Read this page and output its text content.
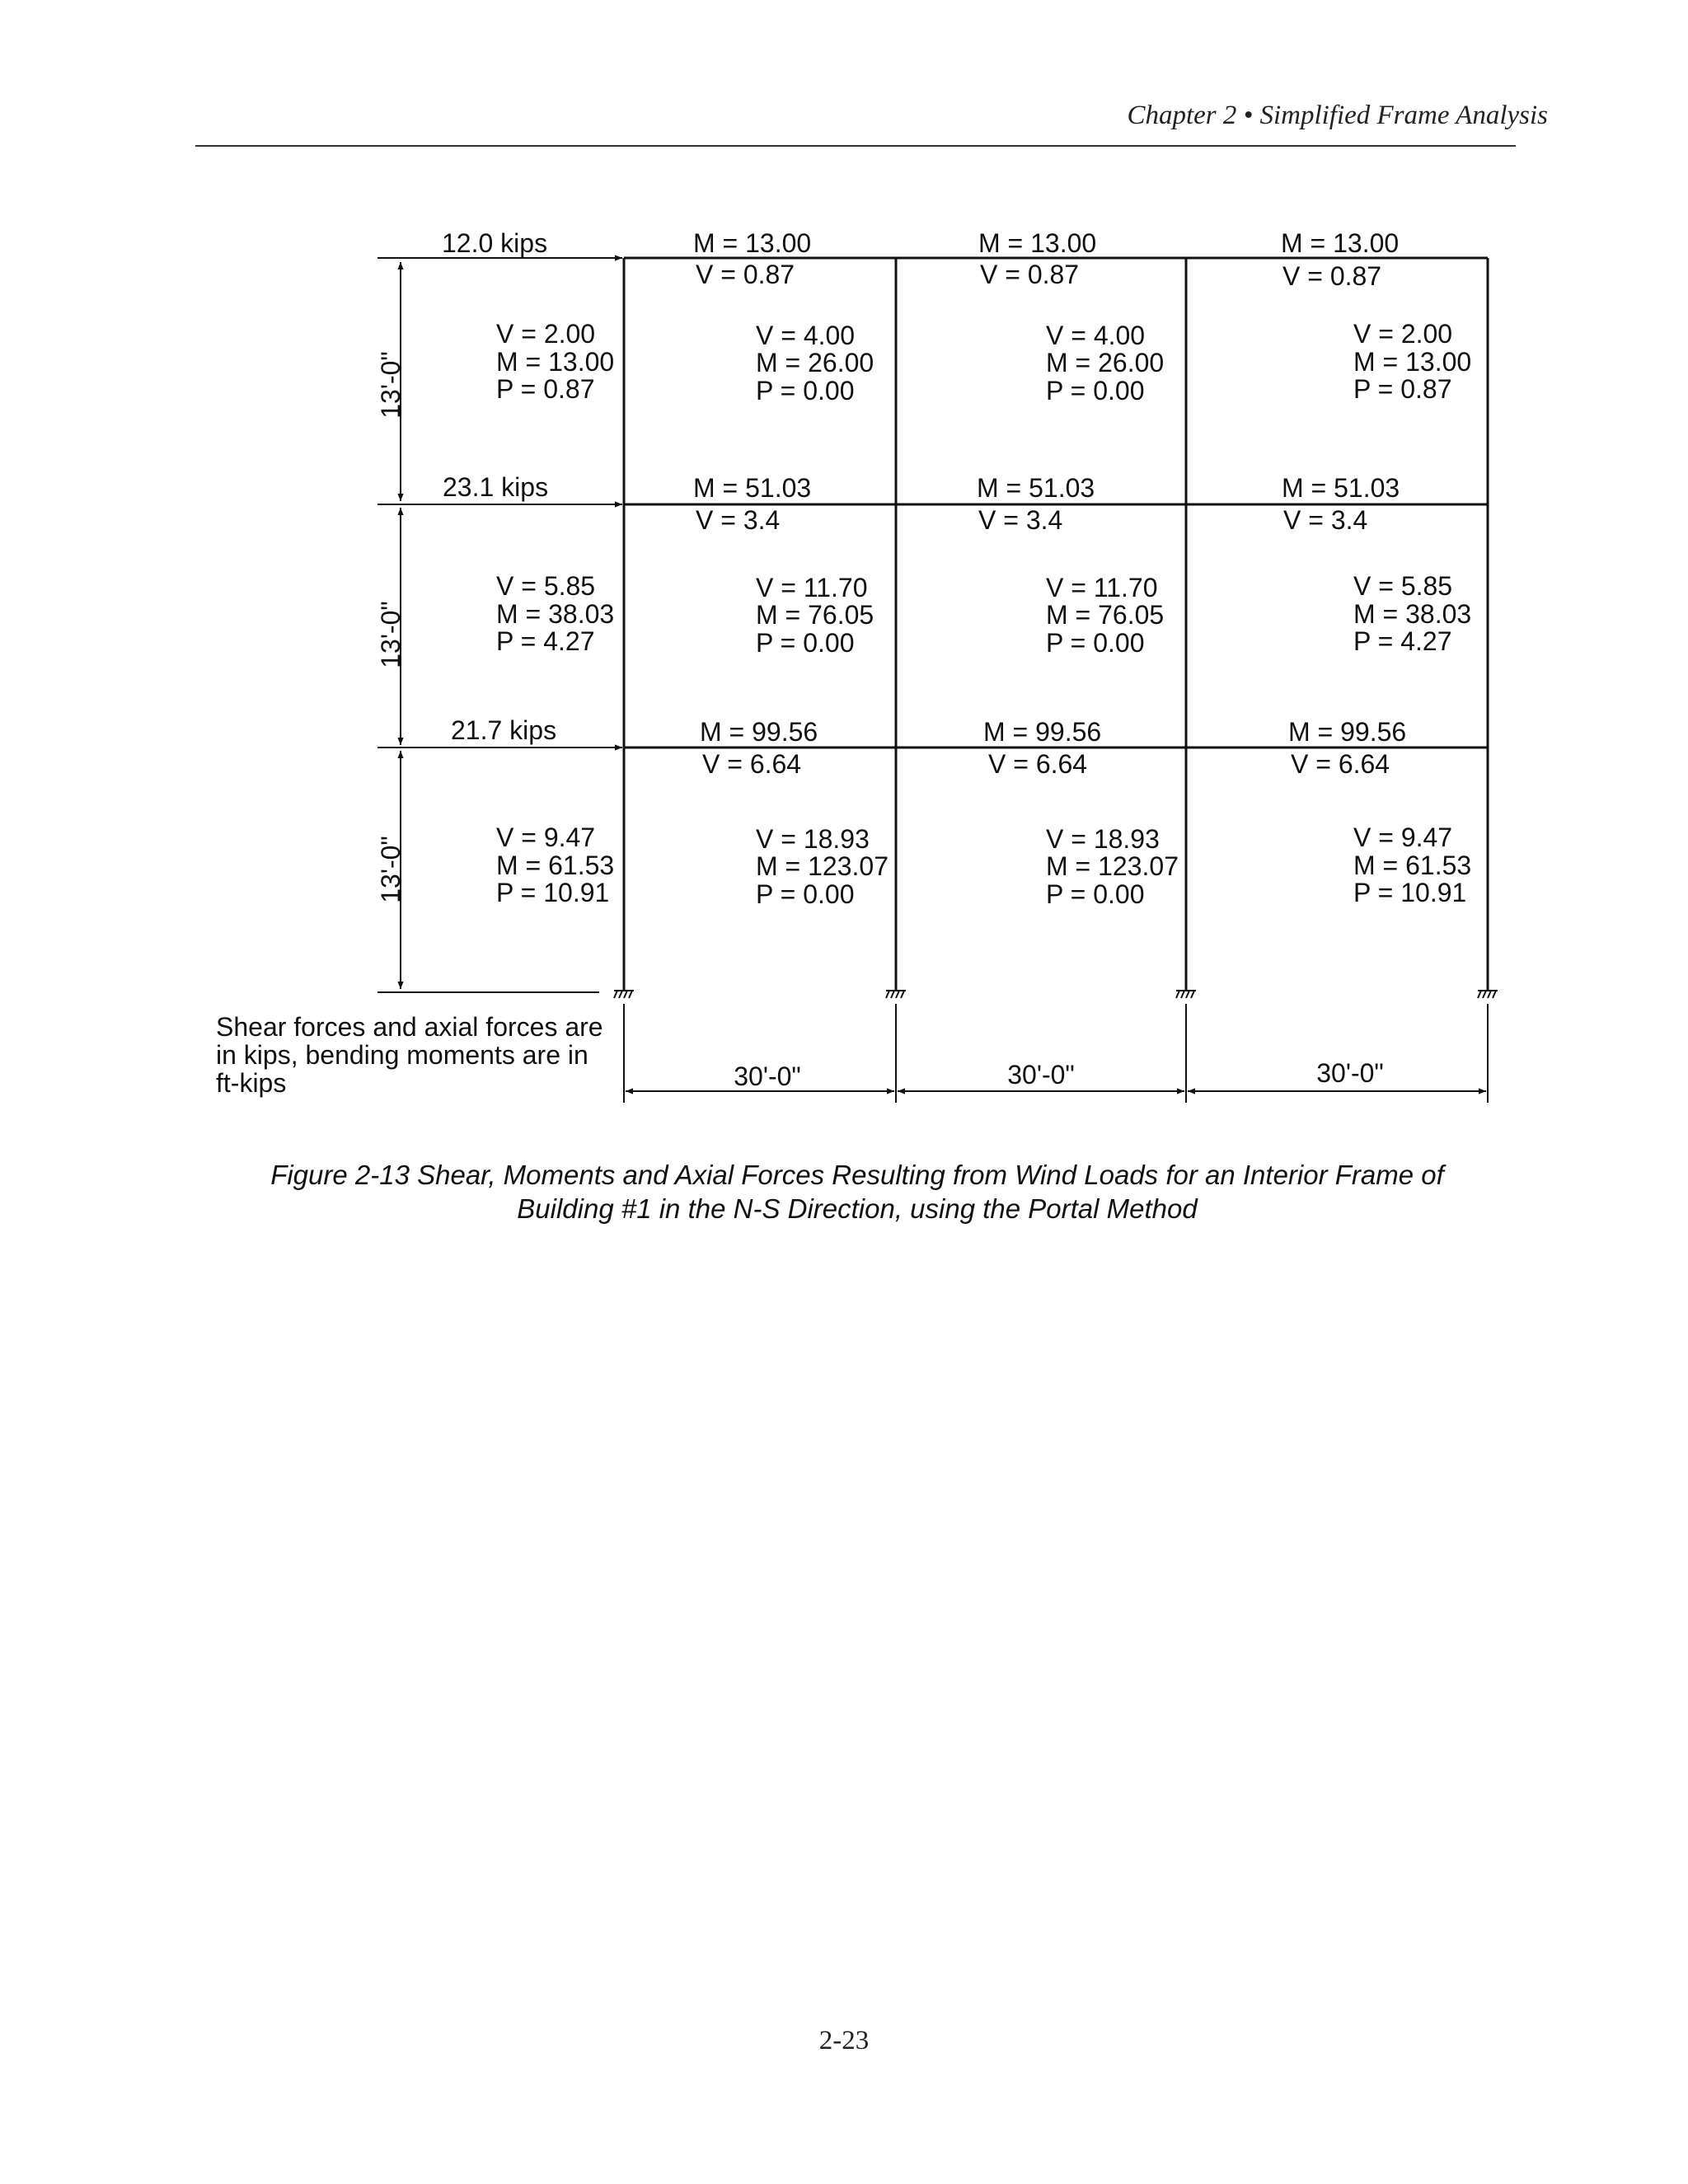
Chapter 2 • Simplified Frame Analysis
12.0 kips
23.1 kips
21.7 kips
13'-0"
13'-0"
13'-0"
30'-0"	30'-0"	30'-0"
Shear forces and axial forces are
in kips, bending moments are in
ft-kips
M = 13.00
V = 0.87
M = 13.00
V = 0.87
M = 13.00
V = 0.87
V = 2.00
M = 13.00
P = 0.87
V = 4.00
M = 26.00
P = 0.00
V = 4.00
M = 26.00
P = 0.00
V = 2.00
M = 13.00
P = 0.87
M = 51.03
V = 3.4
M = 51.03
V = 3.4
M = 51.03
V = 3.4
V = 5.85
M = 38.03
P = 4.27
V = 11.70
M = 76.05
P = 0.00
V = 11.70
M = 76.05
P = 0.00
V = 5.85
M = 38.03
P = 4.27
M = 99.56
V = 6.64
M = 99.56
V = 6.64
M = 99.56
V = 6.64
V = 9.47
M = 61.53
P = 10.91
V = 18.93
M = 123.07
P = 0.00
V = 18.93
M = 123.07
P = 0.00
V = 9.47
M = 61.53
P = 10.91
Figure 2-13 Shear, Moments and Axial Forces Resulting from Wind Loads for an Interior Frame of
Building #1 in the N-S Direction, using the Portal Method
2-23
